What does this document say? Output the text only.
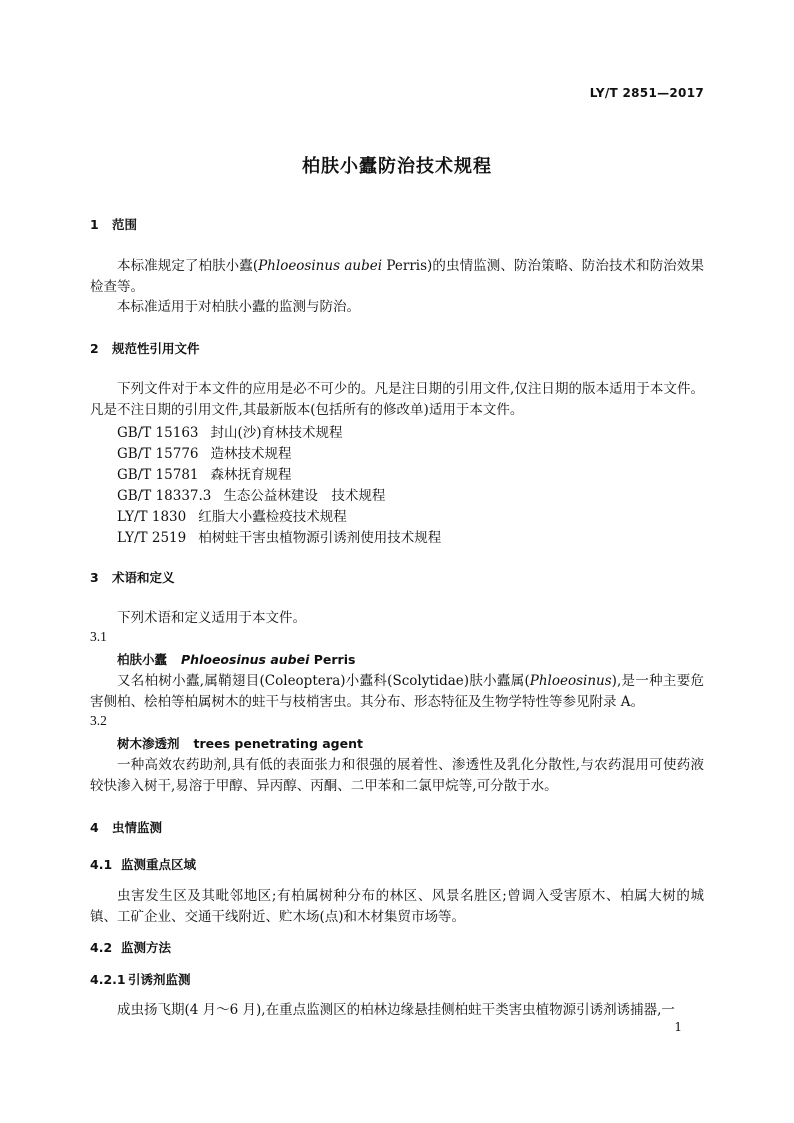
LY/T 2851—2017
柏肤小蠹防治技术规程
1 范围
本标准规定了柏肤小蠹(Phloeosinus aubei Perris)的虫情监测、防治策略、防治技术和防治效果检查等。
本标准适用于对柏肤小蠹的监测与防治。
2 规范性引用文件
下列文件对于本文件的应用是必不可少的。凡是注日期的引用文件,仅注日期的版本适用于本文件。凡是不注日期的引用文件,其最新版本(包括所有的修改单)适用于本文件。
GB/T 15163 封山(沙)育林技术规程
GB/T 15776 造林技术规程
GB/T 15781 森林抚育规程
GB/T 18337.3 生态公益林建设　技术规程
LY/T 1830 红脂大小蠹检疫技术规程
LY/T 2519 柏树蛀干害虫植物源引诱剂使用技术规程
3 术语和定义
下列术语和定义适用于本文件。
3.1
柏肤小蠹 Phloeosinus aubei Perris
又名柏树小蠹,属鞘翅目(Coleoptera)小蠹科(Scolytidae)肤小蠹属(Phloeosinus),是一种主要危害侧柏、桧柏等柏属树木的蛀干与枝梢害虫。其分布、形态特征及生物学特性等参见附录 A。
3.2
树木渗透剂 trees penetrating agent
一种高效农药助剂,具有低的表面张力和很强的展着性、渗透性及乳化分散性,与农药混用可使药液较快渗入树干,易溶于甲醇、异丙醇、丙酮、二甲苯和二氯甲烷等,可分散于水。
4 虫情监测
4.1 监测重点区域
虫害发生区及其毗邻地区;有柏属树种分布的林区、风景名胜区;曾调入受害原木、柏属大树的城镇、工矿企业、交通干线附近、贮木场(点)和木材集贸市场等。
4.2 监测方法
4.2.1 引诱剂监测
成虫扬飞期(4 月～6 月),在重点监测区的柏林边缘悬挂侧柏蛀干类害虫植物源引诱剂诱捕器,一
1
